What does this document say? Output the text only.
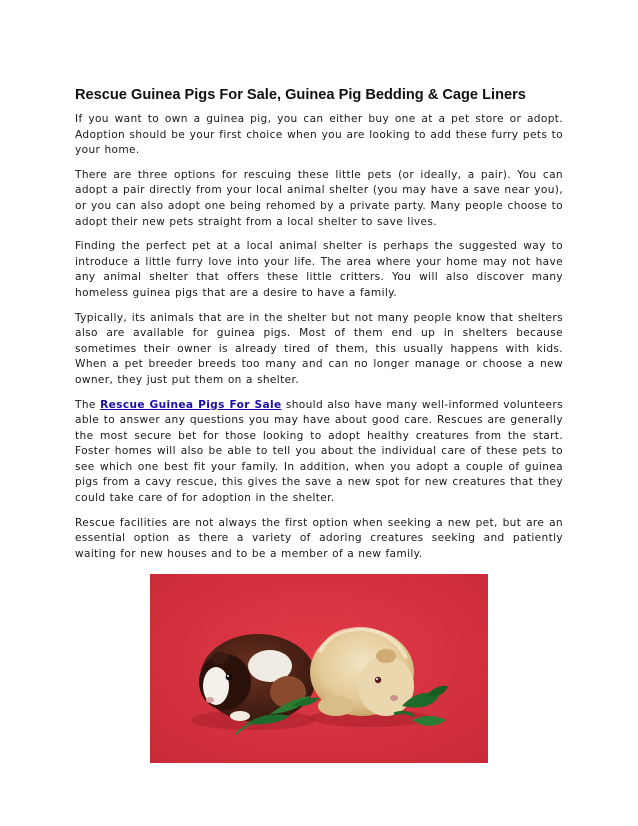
Rescue Guinea Pigs For Sale, Guinea Pig Bedding & Cage Liners

If you want to own a guinea pig, you can either buy one at a pet store or adopt. Adoption should be your first choice when you are looking to add these furry pets to your home.

There are three options for rescuing these little pets (or ideally, a pair). You can adopt a pair directly from your local animal shelter (you may have a save near you), or you can also adopt one being rehomed by a private party. Many people choose to adopt their new pets straight from a local shelter to save lives.

Finding the perfect pet at a local animal shelter is perhaps the suggested way to introduce a little furry love into your life. The area where your home may not have any animal shelter that offers these little critters. You will also discover many homeless guinea pigs that are a desire to have a family.

Typically, its animals that are in the shelter but not many people know that shelters also are available for guinea pigs. Most of them end up in shelters because sometimes their owner is already tired of them, this usually happens with kids. When a pet breeder breeds too many and can no longer manage or choose a new owner, they just put them on a shelter.

The Rescue Guinea Pigs For Sale should also have many well-informed volunteers able to answer any questions you may have about good care. Rescues are generally the most secure bet for those looking to adopt healthy creatures from the start. Foster homes will also be able to tell you about the individual care of these pets to see which one best fit your family. In addition, when you adopt a couple of guinea pigs from a cavy rescue, this gives the save a new spot for new creatures that they could take care of for adoption in the shelter.

Rescue facilities are not always the first option when seeking a new pet, but are an essential option as there a variety of adoring creatures seeking and patiently waiting for new houses and to be a member of a new family.
